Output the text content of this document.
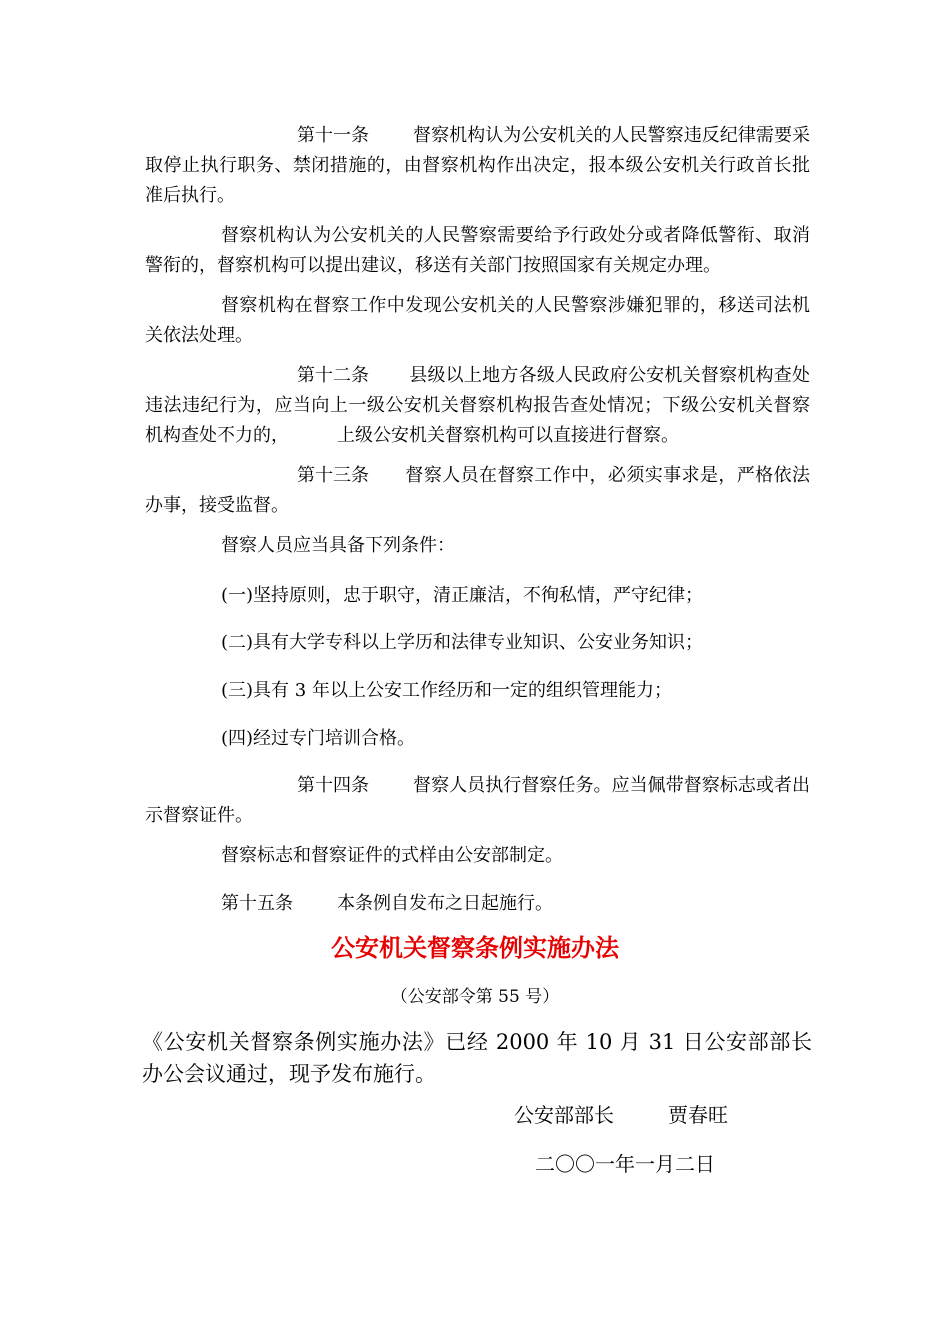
第十一条 督察机构认为公安机关的人民警察违反纪律需要采取停止执行职务、禁闭措施的，由督察机构作出决定，报本级公安机关行政首长批准后执行。

督察机构认为公安机关的人民警察需要给予行政处分或者降低警衔、取消警衔的，督察机构可以提出建议，移送有关部门按照国家有关规定办理。

督察机构在督察工作中发现公安机关的人民警察涉嫌犯罪的，移送司法机关依法处理。

第十二条 县级以上地方各级人民政府公安机关督察机构查处违法违纪行为，应当向上一级公安机关督察机构报告查处情况；下级公安机关督察机构查处不力的，	上级公安机关督察机构可以直接进行督察。

第十三条 督察人员在督察工作中，必须实事求是，严格依法办事，接受监督。

督察人员应当具备下列条件：

(一)坚持原则，忠于职守，清正廉洁，不徇私情，严守纪律；

(二)具有大学专科以上学历和法律专业知识、公安业务知识；

(三)具有 3 年以上公安工作经历和一定的组织管理能力；

(四)经过专门培训合格。

第十四条 督察人员执行督察任务。应当佩带督察标志或者出示督察证件。

督察标志和督察证件的式样由公安部制定。

第十五条 本条例自发布之日起施行。

公安机关督察条例实施办法

（公安部令第 55 号）

《公安机关督察条例实施办法》已经 2000 年 10 月 31 日公安部部长办公会议通过，现予发布施行。

公安部部长	贾春旺

二〇〇一年一月二日
